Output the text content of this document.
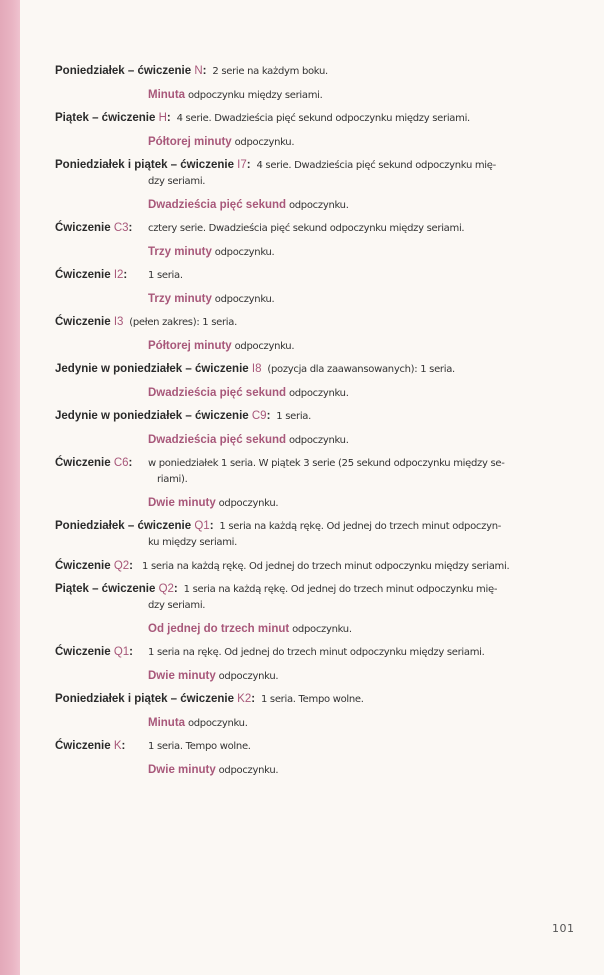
Poniedziałek – ćwiczenie N: 2 serie na każdym boku.
Minuta odpoczynku między seriami.
Piątek – ćwiczenie H: 4 serie. Dwadzieścia pięć sekund odpoczynku między seriami.
Półtorej minuty odpoczynku.
Poniedziałek i piątek – ćwiczenie I7: 4 serie. Dwadzieścia pięć sekund odpoczynku mię-
dzy seriami.
Dwadzieścia pięć sekund odpoczynku.
Ćwiczenie C3: cztery serie. Dwadzieścia pięć sekund odpoczynku między seriami.
Trzy minuty odpoczynku.
Ćwiczenie I2: 1 seria.
Trzy minuty odpoczynku.
Ćwiczenie I3 (pełen zakres): 1 seria.
Półtorej minuty odpoczynku.
Jedynie w poniedziałek – ćwiczenie I8 (pozycja dla zaawansowanych): 1 seria.
Dwadzieścia pięć sekund odpoczynku.
Jedynie w poniedziałek – ćwiczenie C9: 1 seria.
Dwadzieścia pięć sekund odpoczynku.
Ćwiczenie C6: w poniedziałek 1 seria. W piątek 3 serie (25 sekund odpoczynku między se-
riami).
Dwie minuty odpoczynku.
Poniedziałek – ćwiczenie Q1: 1 seria na każdą rękę. Od jednej do trzech minut odpoczyn-
ku między seriami.
Ćwiczenie Q2: 1 seria na każdą rękę. Od jednej do trzech minut odpoczynku między seriami.
Piątek – ćwiczenie Q2: 1 seria na każdą rękę. Od jednej do trzech minut odpoczynku mię-
dzy seriami.
Od jednej do trzech minut odpoczynku.
Ćwiczenie Q1: 1 seria na rękę. Od jednej do trzech minut odpoczynku między seriami.
Dwie minuty odpoczynku.
Poniedziałek i piątek – ćwiczenie K2: 1 seria. Tempo wolne.
Minuta odpoczynku.
Ćwiczenie K: 1 seria. Tempo wolne.
Dwie minuty odpoczynku.
101
